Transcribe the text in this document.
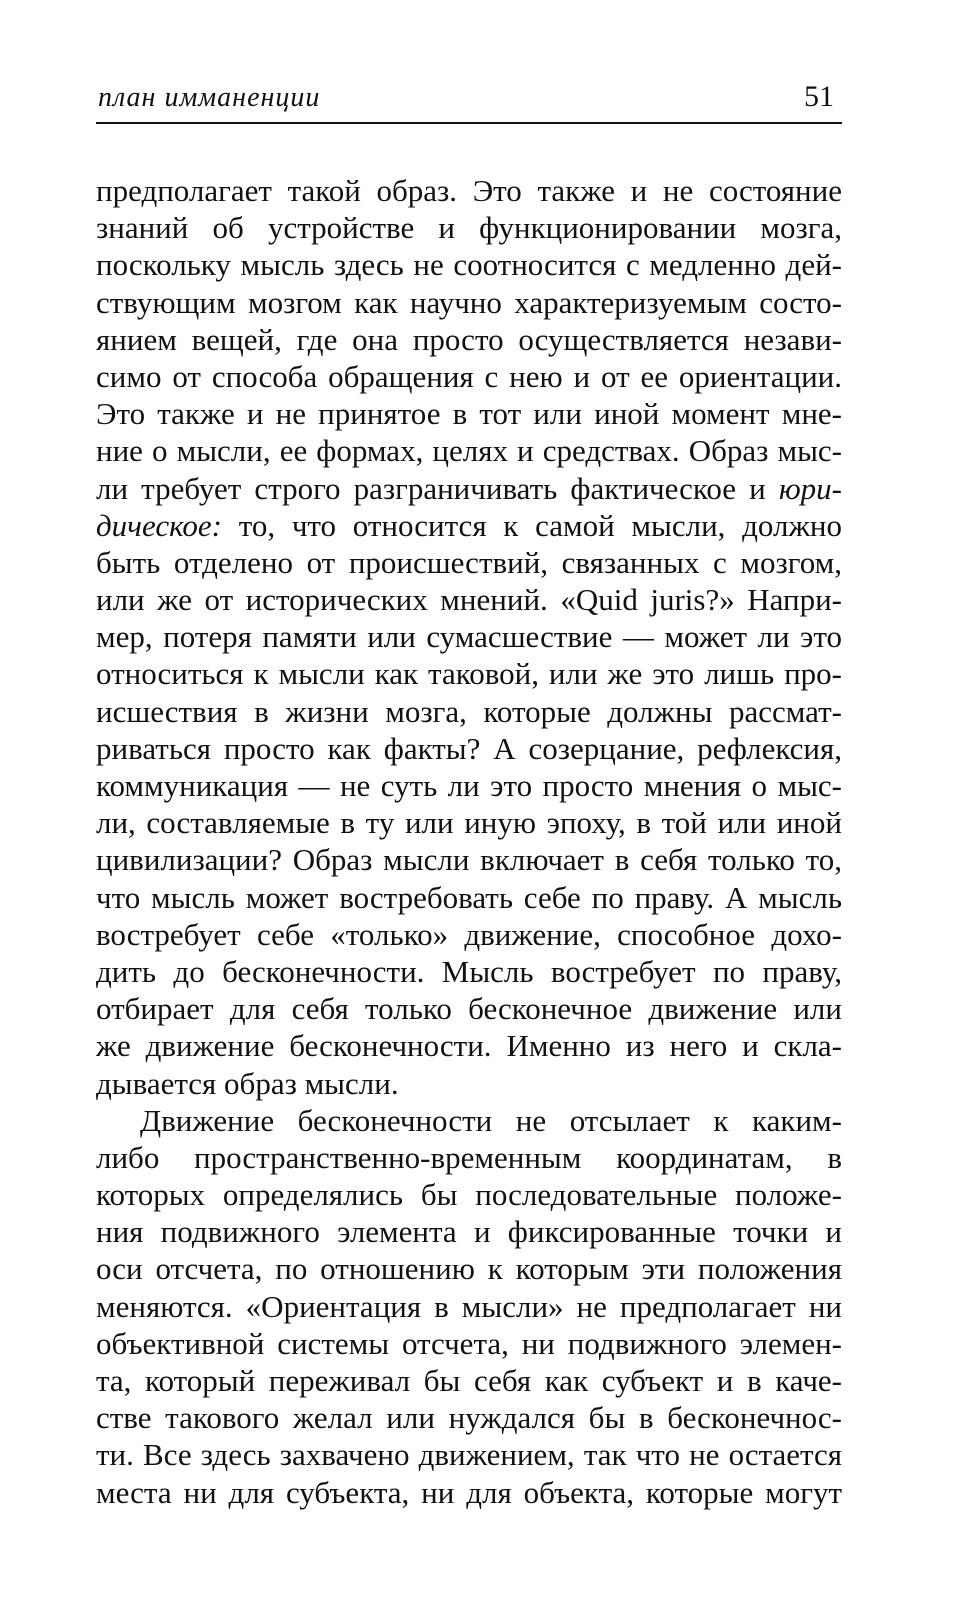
план имманенции	51
предполагает такой образ. Это также и не состояние
знаний об устройстве и функционировании мозга,
поскольку мысль здесь не соотносится с медленно дей-
ствующим мозгом как научно характеризуемым состо-
янием вещей, где она просто осуществляется незави-
симо от способа обращения с нею и от ее ориентации.
Это также и не принятое в тот или иной момент мне-
ние о мысли, ее формах, целях и средствах. Образ мыс-
ли требует строго разграничивать фактическое и юри-
дическое: то, что относится к самой мысли, должно
быть отделено от происшествий, связанных с мозгом,
или же от исторических мнений. «Quid juris?» Напри-
мер, потеря памяти или сумасшествие — может ли это
относиться к мысли как таковой, или же это лишь про-
исшествия в жизни мозга, которые должны рассмат-
риваться просто как факты? А созерцание, рефлексия,
коммуникация — не суть ли это просто мнения о мыс-
ли, составляемые в ту или иную эпоху, в той или иной
цивилизации? Образ мысли включает в себя только то,
что мысль может востребовать себе по праву. А мысль
востребует себе «только» движение, способное дохо-
дить до бесконечности. Мысль востребует по праву,
отбирает для себя только бесконечное движение или
же движение бесконечности. Именно из него и скла-
дывается образ мысли.
Движение бесконечности не отсылает к каким-
либо пространственно-временным координатам, в
которых определялись бы последовательные положе-
ния подвижного элемента и фиксированные точки и
оси отсчета, по отношению к которым эти положения
меняются. «Ориентация в мысли» не предполагает ни
объективной системы отсчета, ни подвижного элемен-
та, который переживал бы себя как субъект и в каче-
стве такового желал или нуждался бы в бесконечнос-
ти. Все здесь захвачено движением, так что не остается
места ни для субъекта, ни для объекта, которые могут
